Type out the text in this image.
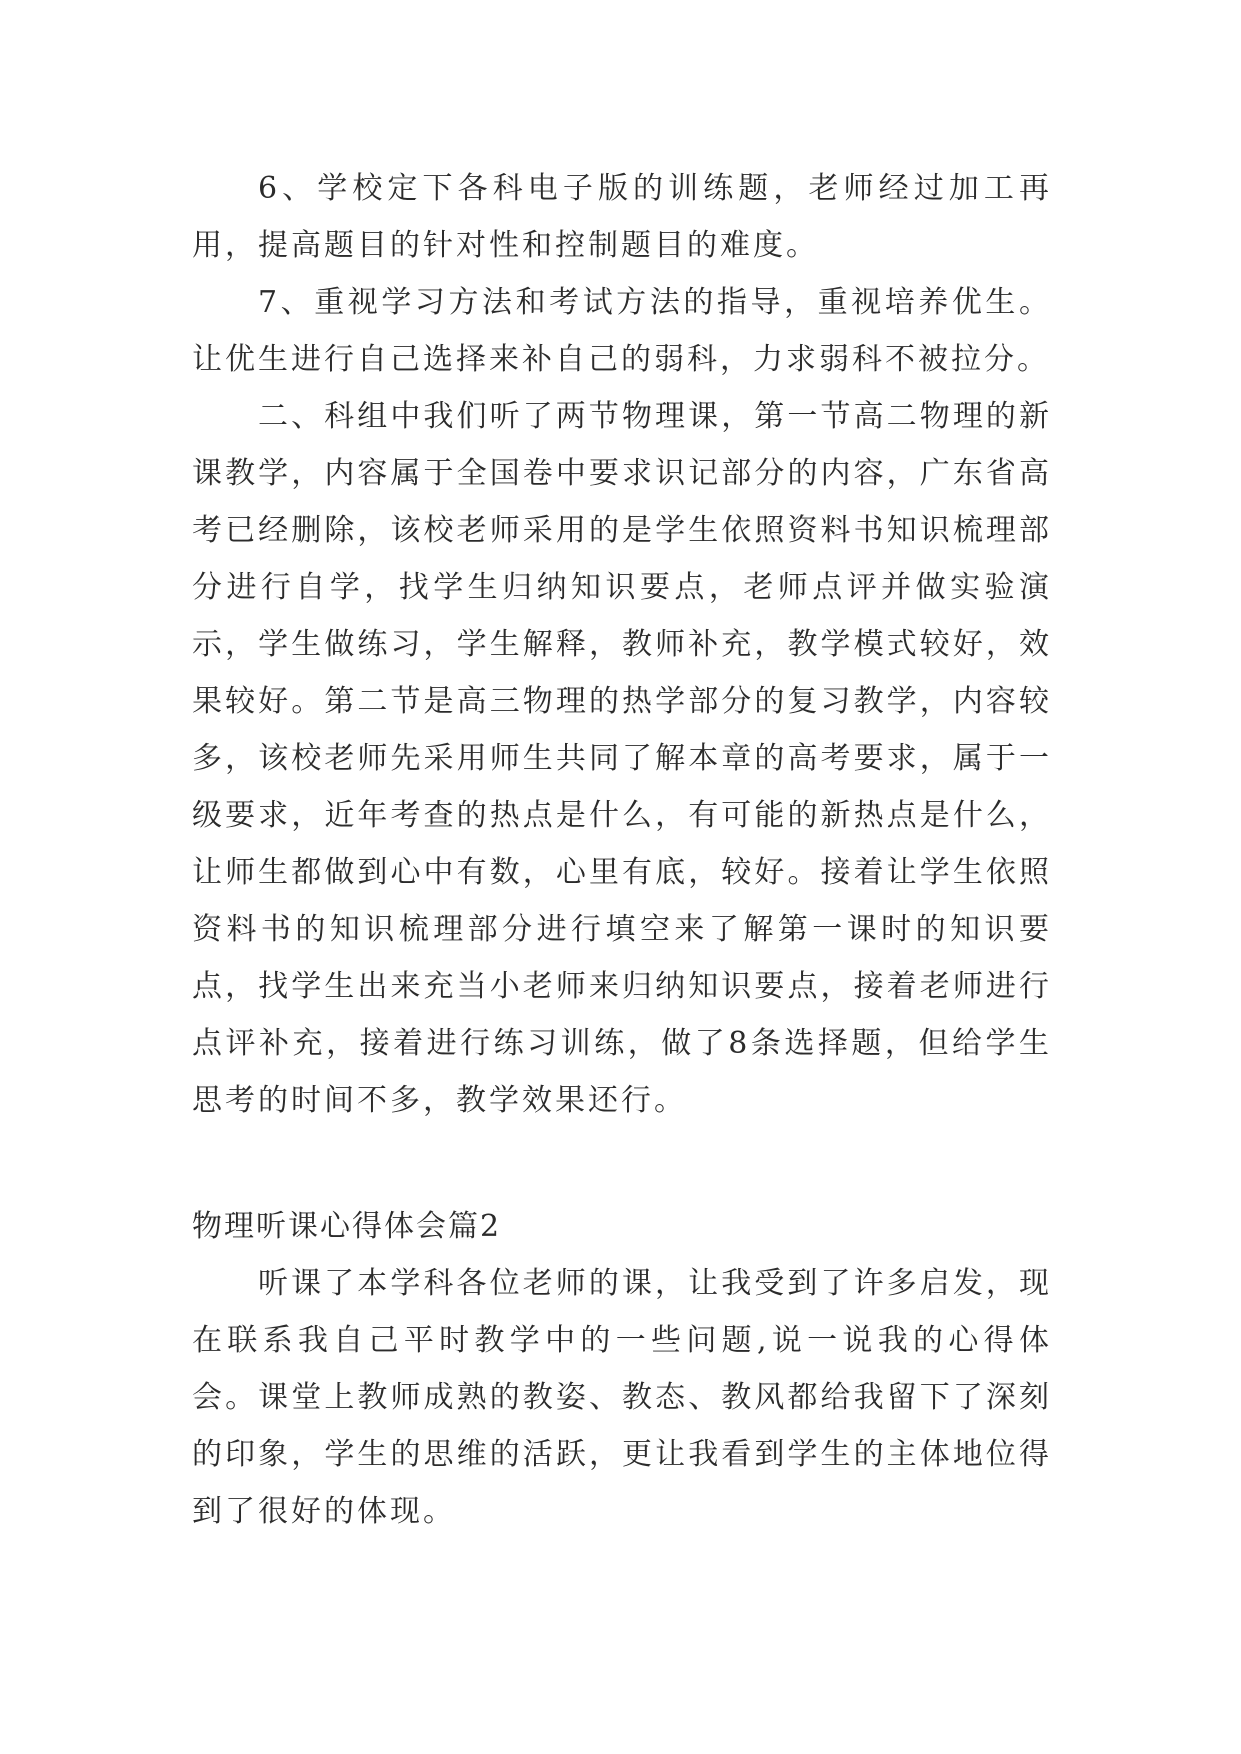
6、学校定下各科电子版的训练题，老师经过加工再用，提高题目的针对性和控制题目的难度。

7、重视学习方法和考试方法的指导，重视培养优生。让优生进行自己选择来补自己的弱科，力求弱科不被拉分。

二、科组中我们听了两节物理课，第一节高二物理的新课教学，内容属于全国卷中要求识记部分的内容，广东省高考已经删除，该校老师采用的是学生依照资料书知识梳理部分进行自学，找学生归纳知识要点，老师点评并做实验演示，学生做练习，学生解释，教师补充，教学模式较好，效果较好。第二节是高三物理的热学部分的复习教学，内容较多，该校老师先采用师生共同了解本章的高考要求，属于一级要求，近年考查的热点是什么，有可能的新热点是什么，让师生都做到心中有数，心里有底，较好。接着让学生依照资料书的知识梳理部分进行填空来了解第一课时的知识要点，找学生出来充当小老师来归纳知识要点，接着老师进行点评补充，接着进行练习训练，做了8条选择题，但给学生思考的时间不多，教学效果还行。

物理听课心得体会篇2

听课了本学科各位老师的课，让我受到了许多启发，现在联系我自己平时教学中的一些问题,说一说我的心得体会。课堂上教师成熟的教姿、教态、教风都给我留下了深刻的印象，学生的思维的活跃，更让我看到学生的主体地位得到了很好的体现。
